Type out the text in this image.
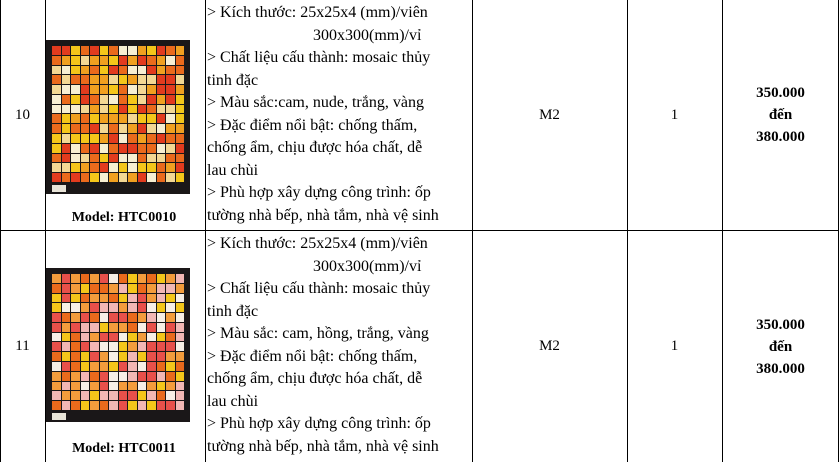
10
Model: HTC0010
> Kích thước: 25x25x4 (mm)/viên
300x300(mm)/vỉ
> Chất liệu cấu thành: mosaic thủy
tinh đặc
> Màu sắc:cam, nude, trắng, vàng
> Đặc điểm nổi bật: chống thấm,
chống ẩm, chịu được hóa chất, dễ
lau chùi
> Phù hợp xây dựng công trình: ốp
tường nhà bếp, nhà tắm, nhà vệ sinh
M2	1
350.000
đến
380.000
11
Model: HTC0011
> Kích thước: 25x25x4 (mm)/viên
300x300(mm)/vỉ
> Chất liệu cấu thành: mosaic thủy
tinh đặc
> Màu sắc: cam, hồng, trắng, vàng
> Đặc điểm nổi bật: chống thấm,
chống ẩm, chịu được hóa chất, dễ
lau chùi
> Phù hợp xây dựng công trình: ốp
tường nhà bếp, nhà tắm, nhà vệ sinh
M2	1
350.000
đến
380.000
